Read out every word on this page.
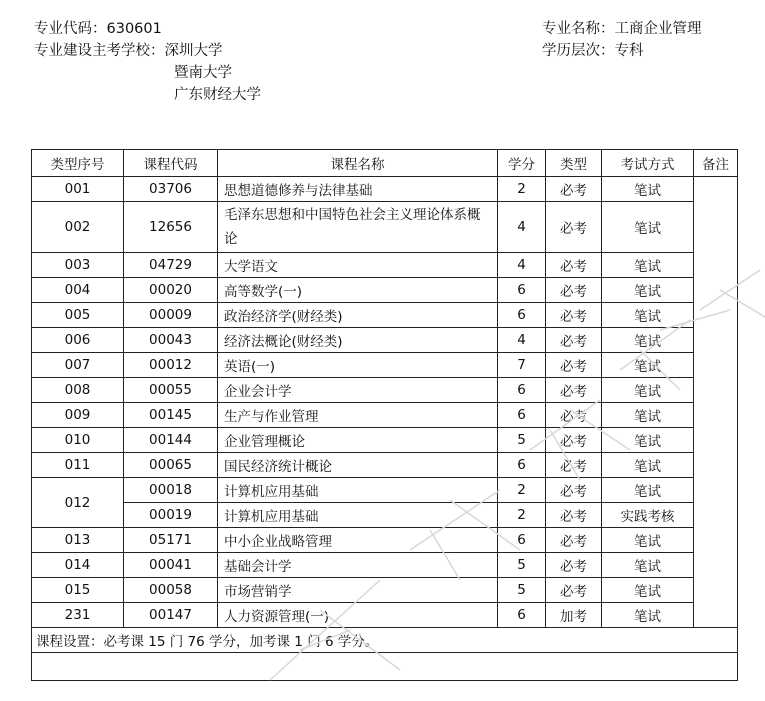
专业代码：630601
专业建设主考学校：深圳大学
暨南大学
广东财经大学
专业名称：工商企业管理
学历层次：专科
类型序号	课程代码	课程名称	学分	类型	考试方式	备注
001	03706	思想道德修养与法律基础	2	必考	笔试	
002	12656	毛泽东思想和中国特色社会主义理论体系概论	4	必考	笔试	
003	04729	大学语文	4	必考	笔试	
004	00020	高等数学(一)	6	必考	笔试	
005	00009	政治经济学(财经类)	6	必考	笔试	
006	00043	经济法概论(财经类)	4	必考	笔试	
007	00012	英语(一)	7	必考	笔试	
008	00055	企业会计学	6	必考	笔试	
009	00145	生产与作业管理	6	必考	笔试	
010	00144	企业管理概论	5	必考	笔试	
011	00065	国民经济统计概论	6	必考	笔试	
012	00018	计算机应用基础	2	必考	笔试	
	00019	计算机应用基础	2	必考	实践考核	
013	05171	中小企业战略管理	6	必考	笔试	
014	00041	基础会计学	5	必考	笔试	
015	00058	市场营销学	5	必考	笔试	
231	00147	人力资源管理(一)	6	加考	笔试	
课程设置：必考课 15 门 76 学分，加考课 1 门 6 学分。						
